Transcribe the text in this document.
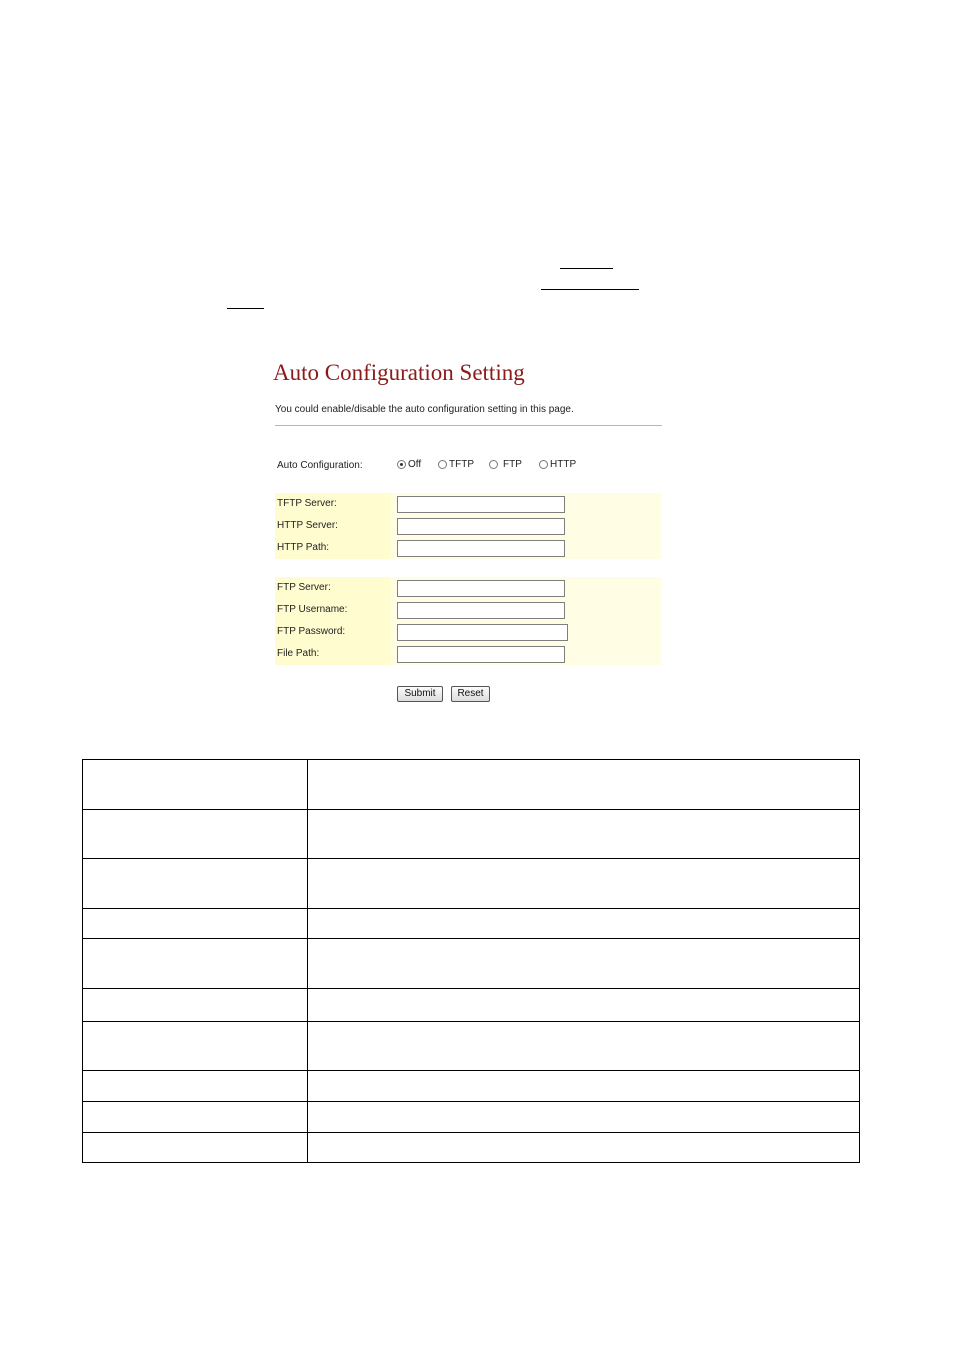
Auto Configuration Setting
You could enable/disable the auto configuration setting in this page.
Auto Configuration:	Off	TFTP	FTP	HTTP
TFTP Server:
HTTP Server:
HTTP Path:
FTP Server:
FTP Username:
FTP Password:
File Path:
Submit	Reset
